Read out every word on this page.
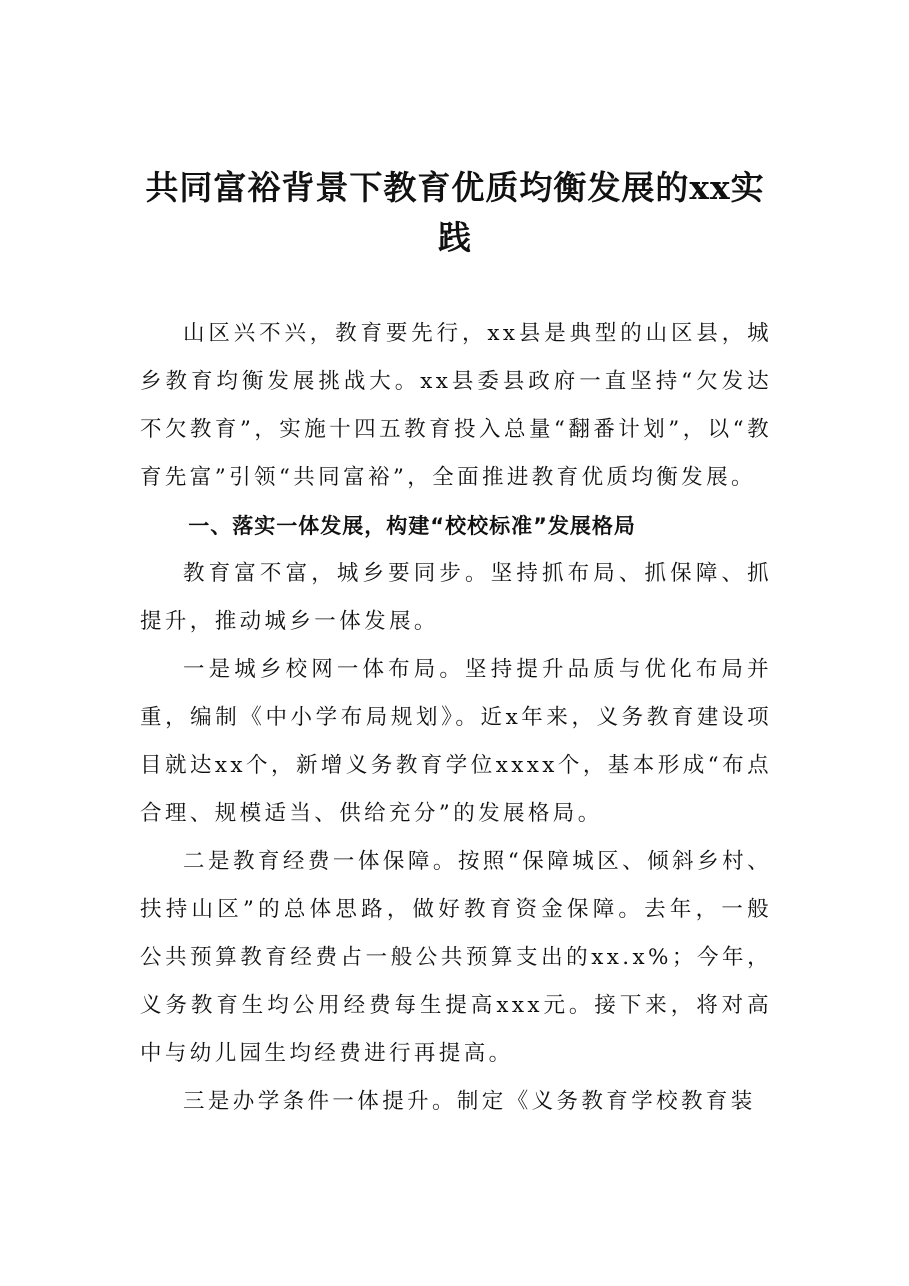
共同富裕背景下教育优质均衡发展的xx实践

山区兴不兴，教育要先行，xx县是典型的山区县，城乡教育均衡发展挑战大。xx县委县政府一直坚持“欠发达不欠教育”，实施十四五教育投入总量“翻番计划”，以“教育先富”引领“共同富裕”，全面推进教育优质均衡发展。

一、落实一体发展，构建“校校标准”发展格局

教育富不富，城乡要同步。坚持抓布局、抓保障、抓提升，推动城乡一体发展。

一是城乡校网一体布局。坚持提升品质与优化布局并重，编制《中小学布局规划》。近x年来，义务教育建设项目就达xx个，新增义务教育学位xxxx个，基本形成“布点合理、规模适当、供给充分”的发展格局。

二是教育经费一体保障。按照“保障城区、倾斜乡村、扶持山区”的总体思路，做好教育资金保障。去年，一般公共预算教育经费占一般公共预算支出的xx.x%；今年，义务教育生均公用经费每生提高xxx元。接下来，将对高中与幼儿园生均经费进行再提高。

三是办学条件一体提升。制定《义务教育学校教育装
